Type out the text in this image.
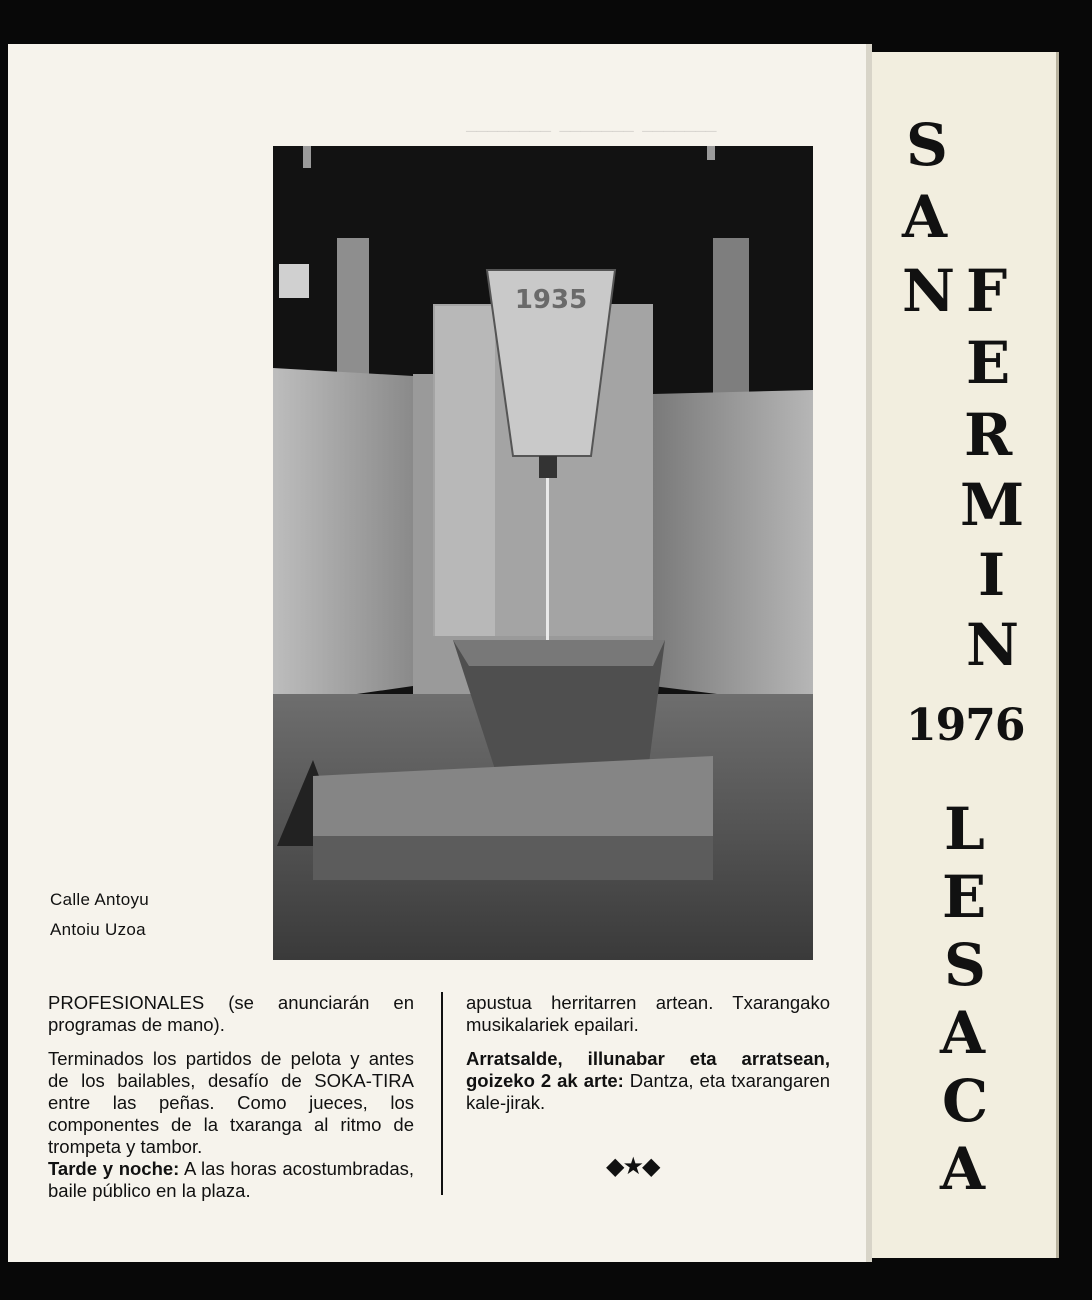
1935
Calle Antoyu
Antoiu Uzoa

PROFESIONALES (se anunciarán en programas de mano).

Terminados los partidos de pelota y antes de los bailables, desafío de SOKA-TIRA entre las peñas. Como jueces, los componentes de la txaranga al ritmo de trompeta y tambor.

Tarde y noche: A las horas acostumbradas, baile público en la plaza.

apustua herritarren artean. Txarangako musikalariek epailari.

Arratsalde, illunabar eta arratsean, goizeko 2 ak arte: Dantza, eta txarangaren kale-jirak.

◆★◆
S
A
N F
E
R
M
I
N
1976
L
E
S
A
C
A
